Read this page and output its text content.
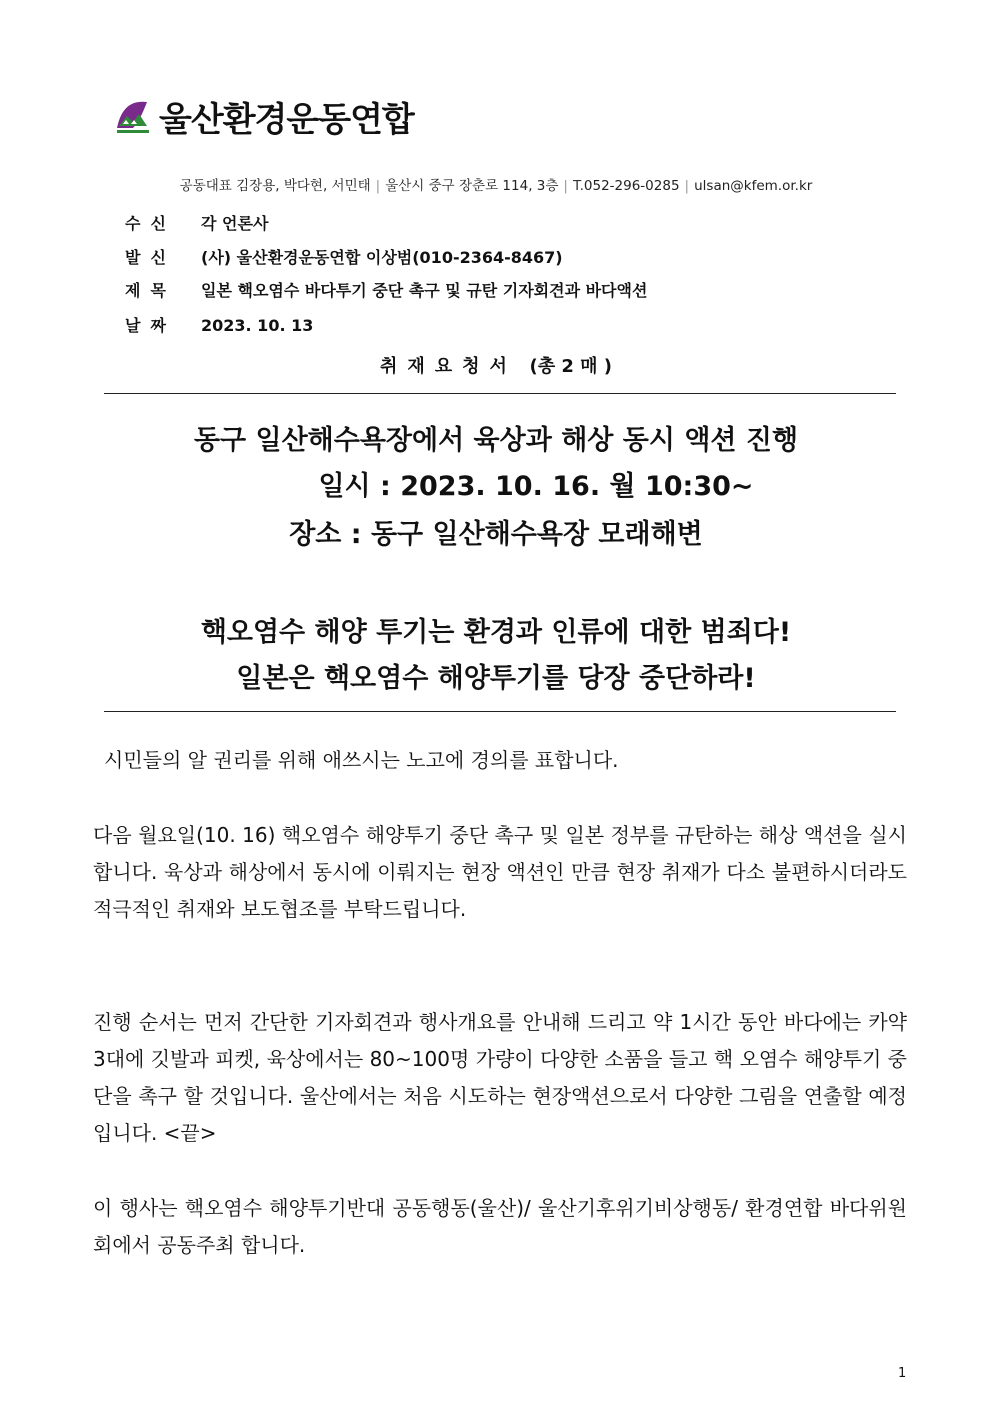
울산환경운동연합
공동대표 김장용, 박다현, 서민태 | 울산시 중구 장춘로 114, 3층 | T.052-296-0285 | ulsan@kfem.or.kr
수신 각 언론사
발신 (사) 울산환경운동연합 이상범(010-2364-8467)
제목 일본 핵오염수 바다투기 중단 촉구 및 규탄 기자회견과 바다액션
날짜 2023. 10. 13
취재요청서 (총 2 매 )
동구 일산해수욕장에서 육상과 해상 동시 액션 진행
일시 : 2023. 10. 16. 월 10:30~
장소 : 동구 일산해수욕장 모래해변
핵오염수 해양 투기는 환경과 인류에 대한 범죄다!
일본은 핵오염수 해양투기를 당장 중단하라!
시민들의 알 권리를 위해 애쓰시는 노고에 경의를 표합니다.
다음 월요일(10. 16) 핵오염수 해양투기 중단 촉구 및 일본 정부를 규탄하는 해상 액션을 실시합니다. 육상과 해상에서 동시에 이뤄지는 현장 액션인 만큼 현장 취재가 다소 불편하시더라도 적극적인 취재와 보도협조를 부탁드립니다.
진행 순서는 먼저 간단한 기자회견과 행사개요를 안내해 드리고 약 1시간 동안 바다에는 카약 3대에 깃발과 피켓, 육상에서는 80~100명 가량이 다양한 소품을 들고 핵 오염수 해양투기 중단을 촉구 할 것입니다. 울산에서는 처음 시도하는 현장액션으로서 다양한 그림을 연출할 예정입니다. <끝>
이 행사는 핵오염수 해양투기반대 공동행동(울산)/ 울산기후위기비상행동/ 환경연합 바다위원회에서 공동주최 합니다.
1
